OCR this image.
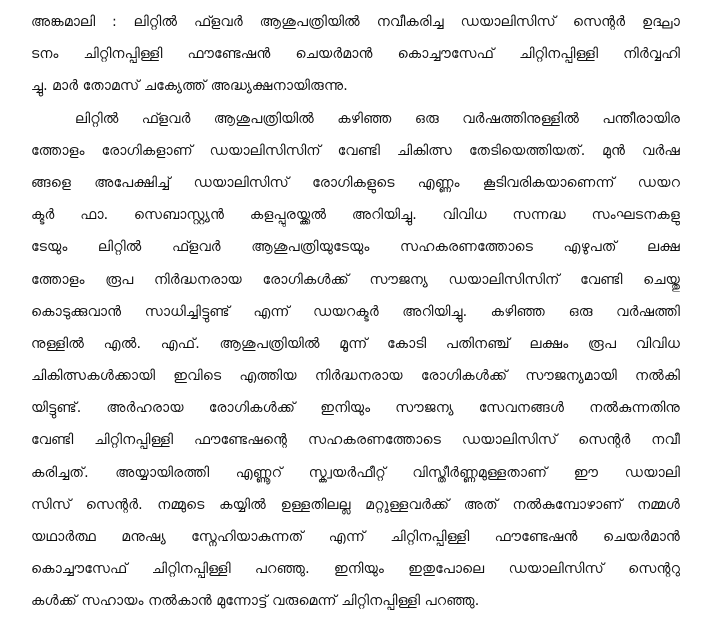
അങ്കമാലി : ലിറ്റിൽ ഫ്ളവർ ആശുപത്രിയിൽ നവീകരിച്ച ഡയാലിസിസ് സെന്റർ ഉദ്ഘാ
ടനം ചിറ്റിനപ്പിള്ളി ഫൗണ്ടേഷൻ ചെയർമാൻ കൊച്ചൗസേഫ് ചിറ്റിനപ്പിള്ളി നിർവ്വഹി
ച്ചു. മാർ തോമസ് ചക്യേത്ത് അദ്ധ്യക്ഷനായിരുന്നു.
ലിറ്റിൽ ഫ്ളവർ ആശുപത്രിയിൽ കഴിഞ്ഞ ഒരു വർഷത്തിനുള്ളിൽ പന്തീരായിര
ത്തോളം രോഗികളാണ് ഡയാലിസിസിന് വേണ്ടി ചികിത്സ തേടിയെത്തിയത്. മുൻ വർഷ
ങ്ങളെ അപേക്ഷിച്ച് ഡയാലിസിസ് രോഗികളുടെ എണ്ണം കൂടിവരികയാണെന്ന് ഡയറ
ക്ടർ ഫാ. സെബാസ്റ്റ്യൻ കളപ്പുരയ്ക്കൽ അറിയിച്ചു. വിവിധ സന്നദ്ധ സംഘടനകളു
ടേയും ലിറ്റിൽ ഫ്ളവർ ആശുപത്രിയുടേയും സഹകരണത്തോടെ എഴുപത് ലക്ഷ
ത്തോളം രൂപ നിർദ്ധനരായ രോഗികൾക്ക് സൗജന്യ ഡയാലിസിസിന് വേണ്ടി ചെയ്തു
കൊടുക്കുവാൻ സാധിച്ചിട്ടുണ്ട് എന്ന് ഡയറക്ടർ അറിയിച്ചു. കഴിഞ്ഞ ഒരു വർഷത്തി
നുള്ളിൽ എൽ. എഫ്. ആശുപത്രിയിൽ മൂന്ന് കോടി പതിനഞ്ച് ലക്ഷം രൂപ വിവിധ
ചികിത്സകൾക്കായി ഇവിടെ എത്തിയ നിർദ്ധനരായ രോഗികൾക്ക് സൗജന്യമായി നൽകി
യിട്ടുണ്ട്. അർഹരായ രോഗികൾക്ക് ഇനിയും സൗജന്യ സേവനങ്ങൾ നൽകുന്നതിനു
വേണ്ടി ചിറ്റിനപ്പിള്ളി ഫൗണ്ടേഷന്റെ സഹകരണത്തോടെ ഡയാലിസിസ് സെന്റർ നവീ
കരിച്ചത്. അയ്യായിരത്തി എണ്ണൂറ് സ്ക്വയർഫീറ്റ് വിസ്തീർണ്ണമുള്ളതാണ് ഈ ഡയാലി
സിസ് സെന്റർ. നമ്മുടെ കയ്യിൽ ഉള്ളതിലല്ല മറ്റുള്ളവർക്ക് അത് നൽകുമ്പോഴാണ് നമ്മൾ
യഥാർത്ഥ മനുഷ്യ സ്നേഹിയാകുന്നത് എന്ന് ചിറ്റിനപ്പിള്ളി ഫൗണ്ടേഷൻ ചെയർമാൻ
കൊച്ചൗസേഫ് ചിറ്റിനപ്പിള്ളി പറഞ്ഞു. ഇനിയും ഇതുപോലെ ഡയാലിസിസ് സെന്ററു
കൾക്ക് സഹായം നൽകാൻ മുന്നോട്ട് വരുമെന്ന് ചിറ്റിനപ്പിള്ളി പറഞ്ഞു.
